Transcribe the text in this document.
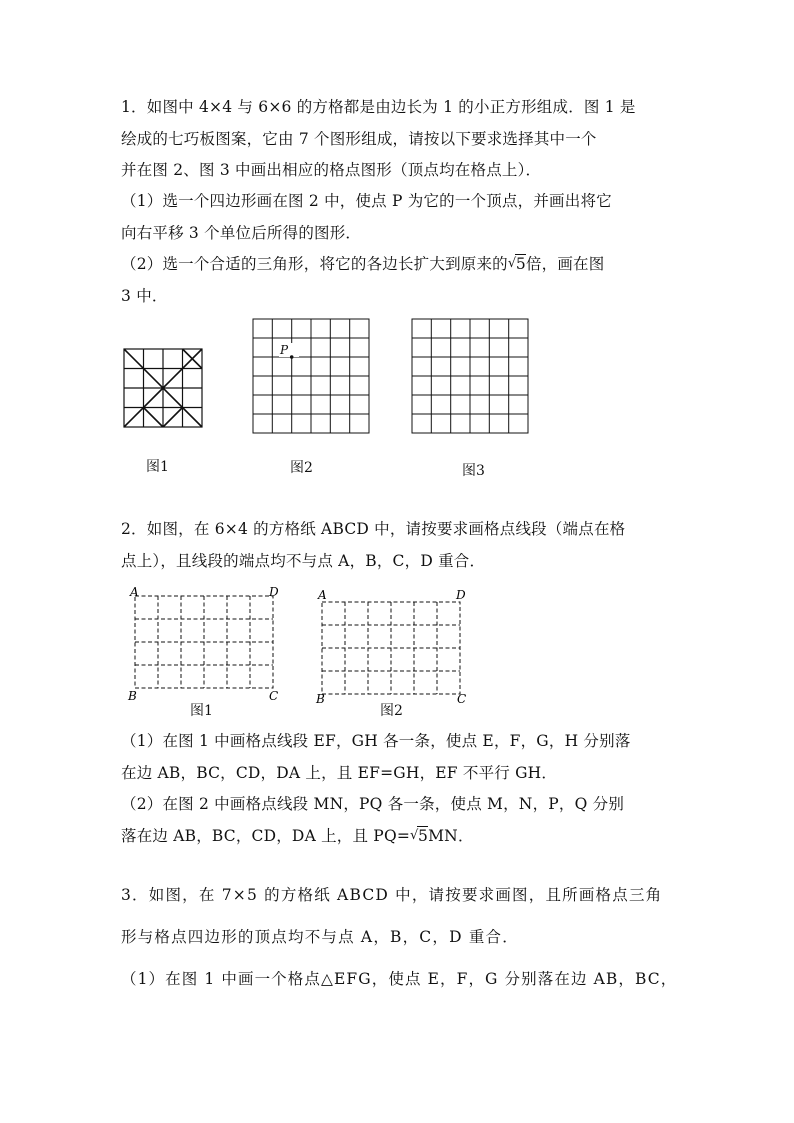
1．如图中 4×4 与 6×6 的方格都是由边长为 1 的小正方形组成．图 1 是
绘成的七巧板图案，它由 7 个图形组成，请按以下要求选择其中一个
并在图 2、图 3 中画出相应的格点图形（顶点均在格点上）．
（1）选一个四边形画在图 2 中，使点 P 为它的一个顶点，并画出将它
向右平移 3 个单位后所得的图形．
（2）选一个合适的三角形，将它的各边长扩大到原来的 √ 5倍，画在图
3 中．
P
图1	图2	图3
2．如图，在 6×4 的方格纸 ABCD 中，请按要求画格点线段（端点在格
点上），且线段的端点均不与点 A，B，C，D 重合．
A	D
B	C
A	D
B	C
图1	图2
（1）在图 1 中画格点线段 EF，GH 各一条，使点 E，F，G，H 分别落
在边 AB，BC，CD，DA 上，且 EF=GH，EF 不平行 GH．
（2）在图 2 中画格点线段 MN，PQ 各一条，使点 M，N，P，Q 分别
落在边 AB，BC，CD，DA 上，且 PQ= √ 5MN．
3．如图，在 7×5 的方格纸 ABCD 中，请按要求画图，且所画格点三角
形与格点四边形的顶点均不与点 A，B，C，D 重合．
（1）在图 1 中画一个格点△EFG，使点 E，F，G 分别落在边 AB，BC，
